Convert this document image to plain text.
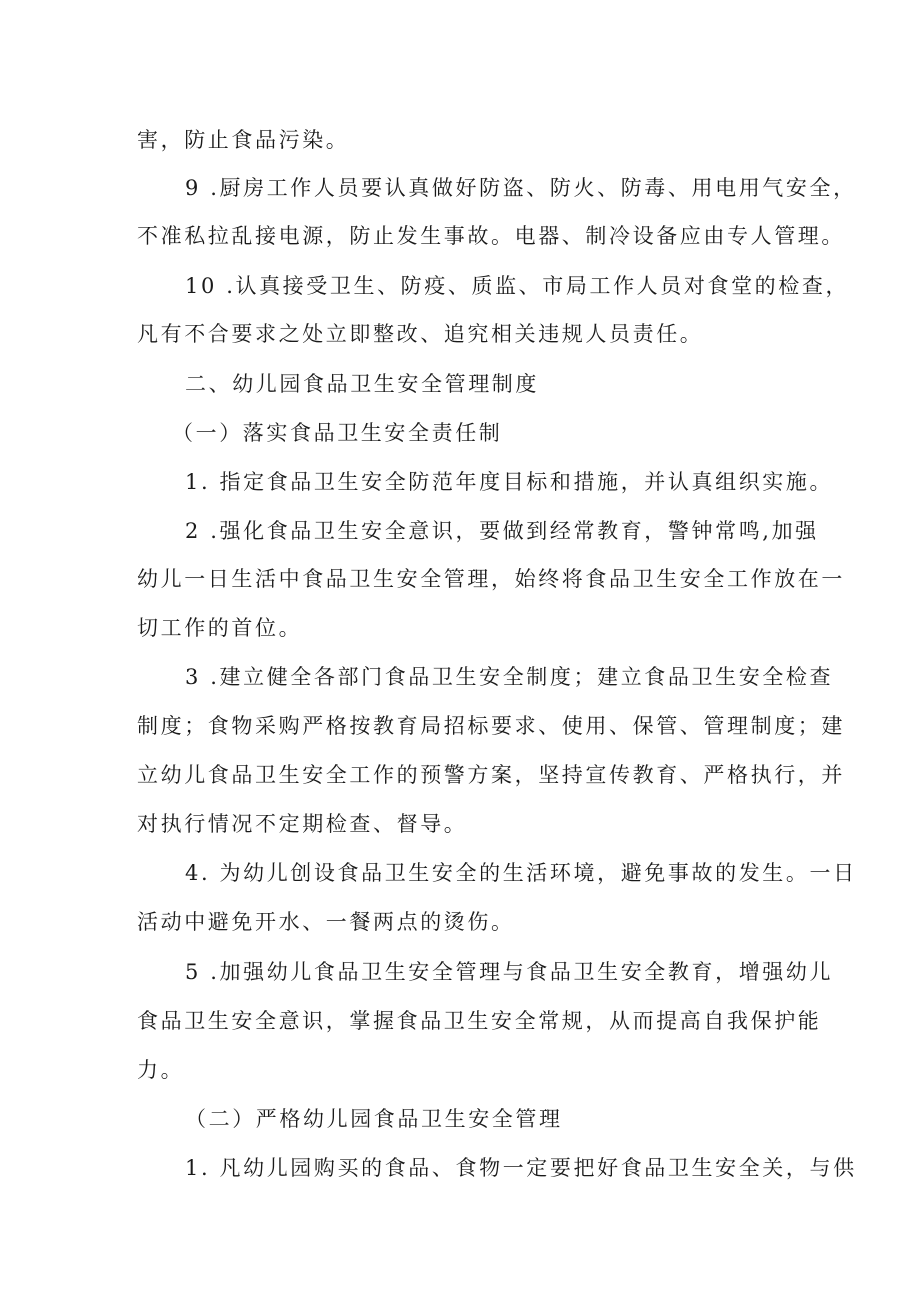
害，防止食品污染。
9 .厨房工作人员要认真做好防盗、防火、防毒、用电用气安全，
不准私拉乱接电源，防止发生事故。电器、制冷设备应由专人管理。
10 .认真接受卫生、防疫、质监、市局工作人员对食堂的检查，
凡有不合要求之处立即整改、追究相关违规人员责任。
二、幼儿园食品卫生安全管理制度
（一）落实食品卫生安全责任制
1. 指定食品卫生安全防范年度目标和措施，并认真组织实施。
2 .强化食品卫生安全意识，要做到经常教育，警钟常鸣,加强
幼儿一日生活中食品卫生安全管理，始终将食品卫生安全工作放在一
切工作的首位。
3 .建立健全各部门食品卫生安全制度；建立食品卫生安全检查
制度；食物采购严格按教育局招标要求、使用、保管、管理制度；建
立幼儿食品卫生安全工作的预警方案，坚持宣传教育、严格执行，并
对执行情况不定期检查、督导。
4. 为幼儿创设食品卫生安全的生活环境，避免事故的发生。一日
活动中避免开水、一餐两点的烫伤。
5 .加强幼儿食品卫生安全管理与食品卫生安全教育，增强幼儿
食品卫生安全意识，掌握食品卫生安全常规，从而提高自我保护能
力。
（二）严格幼儿园食品卫生安全管理
1. 凡幼儿园购买的食品、食物一定要把好食品卫生安全关，与供
